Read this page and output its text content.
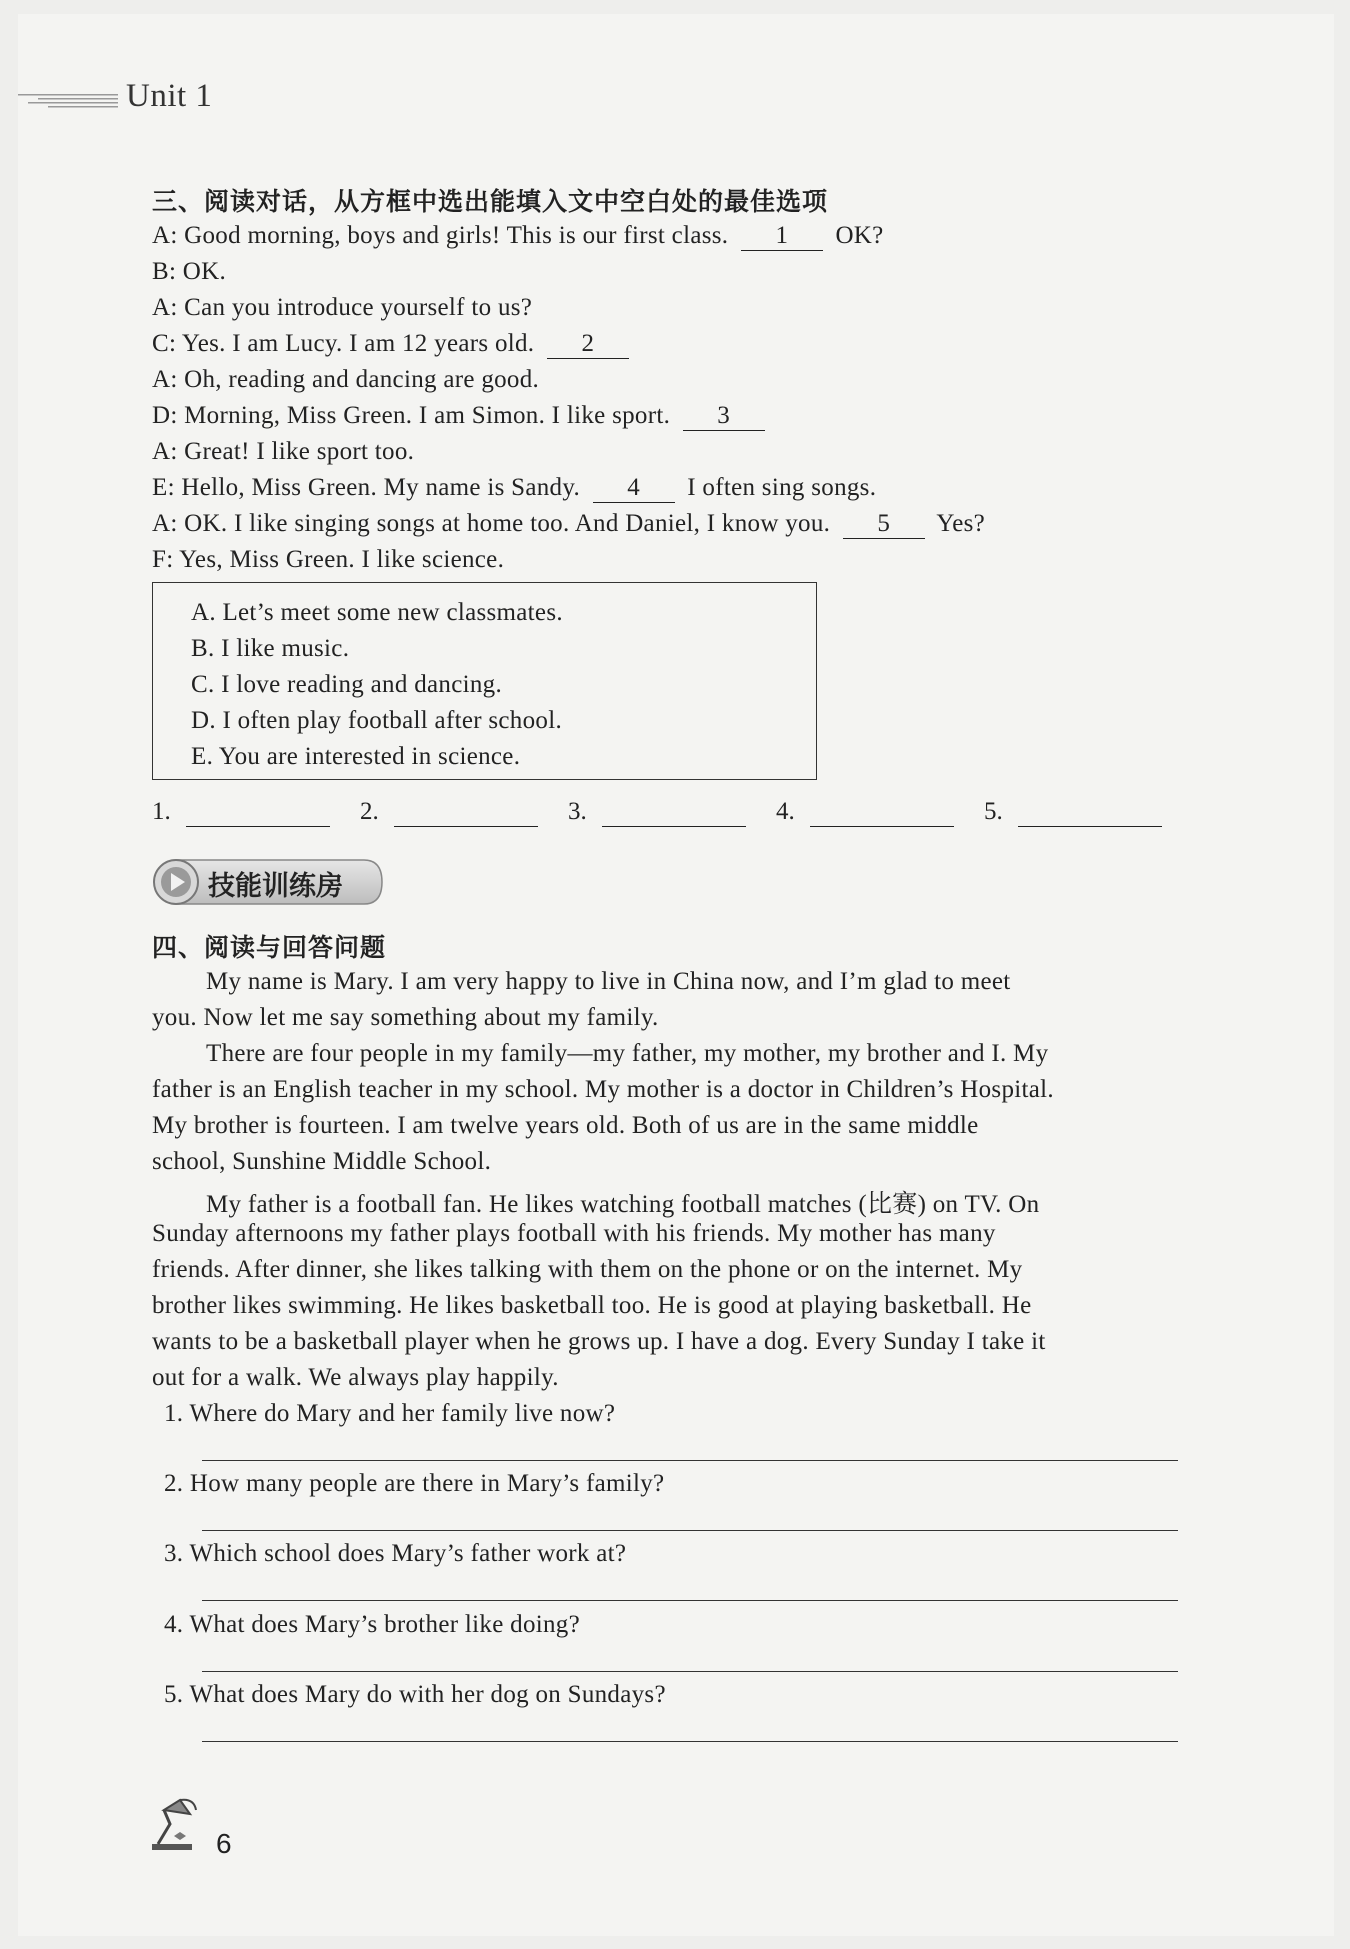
Unit 1
三、阅读对话，从方框中选出能填入文中空白处的最佳选项
A: Good morning, boys and girls! This is our first class. 1 OK?
B: OK.
A: Can you introduce yourself to us?
C: Yes. I am Lucy. I am 12 years old. 2
A: Oh, reading and dancing are good.
D: Morning, Miss Green. I am Simon. I like sport. 3
A: Great! I like sport too.
E: Hello, Miss Green. My name is Sandy. 4 I often sing songs.
A: OK. I like singing songs at home too. And Daniel, I know you. 5 Yes?
F: Yes, Miss Green. I like science.
A. Let’s meet some new classmates.
B. I like music.
C. I love reading and dancing.
D. I often play football after school.
E. You are interested in science.
1.	2.	3.	4.	5.
技能训练房
四、阅读与回答问题
My name is Mary. I am very happy to live in China now, and I’m glad to meet
you. Now let me say something about my family.
There are four people in my family—my father, my mother, my brother and I. My
father is an English teacher in my school. My mother is a doctor in Children’s Hospital.
My brother is fourteen. I am twelve years old. Both of us are in the same middle
school, Sunshine Middle School.
My father is a football fan. He likes watching football matches (比赛) on TV. On
Sunday afternoons my father plays football with his friends. My mother has many
friends. After dinner, she likes talking with them on the phone or on the internet. My
brother likes swimming. He likes basketball too. He is good at playing basketball. He
wants to be a basketball player when he grows up. I have a dog. Every Sunday I take it
out for a walk. We always play happily.
1. Where do Mary and her family live now?
2. How many people are there in Mary’s family?
3. Which school does Mary’s father work at?
4. What does Mary’s brother like doing?
5. What does Mary do with her dog on Sundays?
6
